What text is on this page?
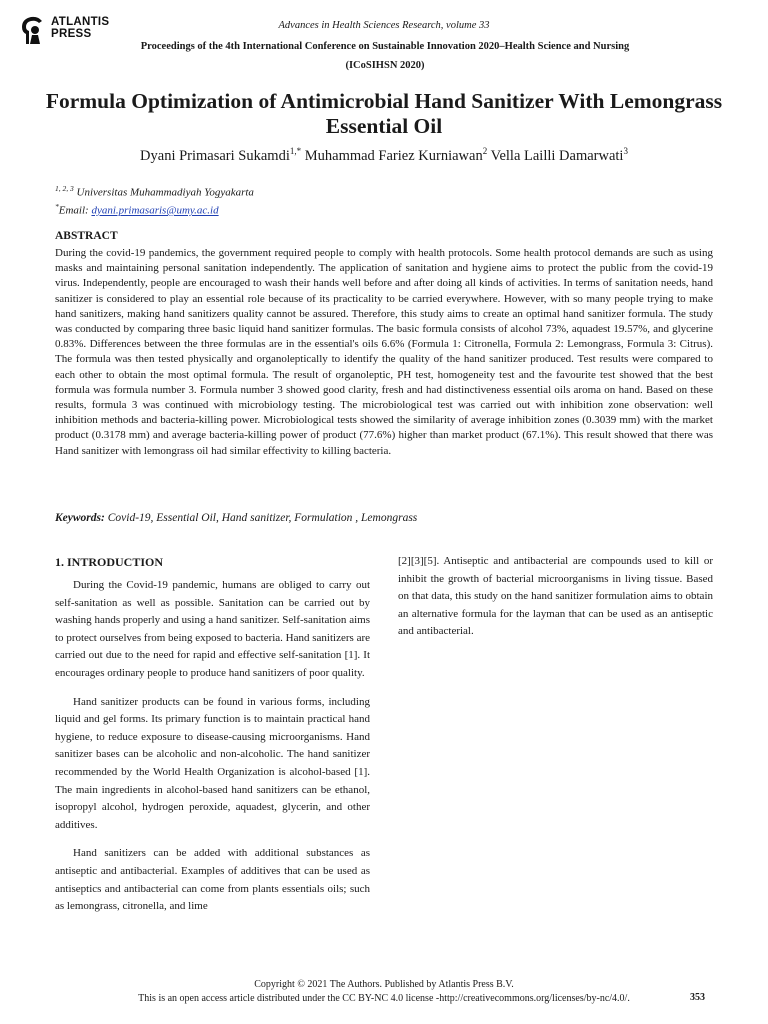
ATLANTIS
PRESS
Advances in Health Sciences Research, volume 33
Proceedings of the 4th International Conference on Sustainable Innovation 2020–Health Science and Nursing (ICoSIHSN 2020)
Formula Optimization of Antimicrobial Hand Sanitizer With Lemongrass Essential Oil
Dyani Primasari Sukamdi$^{1,*}$ Muhammad Fariez Kurniawan$^2$ Vella Lailli Damarwati$^3$
$^{1, 2, 3}$ Universitas Muhammadiyah Yogyakarta
*Email: dyani.primasaris@umy.ac.id
ABSTRACT

During the covid-19 pandemics, the government required people to comply with health protocols. Some health protocol demands are such as using masks and maintaining personal sanitation independently. The application of sanitation and hygiene aims to protect the public from the covid-19 virus. Independently, people are encouraged to wash their hands well before and after doing all kinds of activities. In terms of sanitation needs, hand sanitizer is considered to play an essential role because of its practicality to be carried everywhere. However, with so many people trying to make hand sanitizers, making hand sanitizers quality cannot be assured. Therefore, this study aims to create an optimal hand sanitizer formula. The study was conducted by comparing three basic liquid hand sanitizer formulas. The basic formula consists of alcohol 73%, aquadest 19.57%, and glycerine 0.83%. Differences between the three formulas are in the essential's oils 6.6% (Formula 1: Citronella, Formula 2: Lemongrass, Formula 3: Citrus). The formula was then tested physically and organoleptically to identify the quality of the hand sanitizer produced. Test results were compared to each other to obtain the most optimal formula. The result of organoleptic, PH test, homogeneity test and the favourite test showed that the best formula was formula number 3. Formula number 3 showed good clarity, fresh and had distinctiveness essential oils aroma on hand. Based on these results, formula 3 was continued with microbiology testing. The microbiological test was carried out with inhibition zone observation: well inhibition methods and bacteria-killing power. Microbiological tests showed the similarity of average inhibition zones (0.3039 mm) with the market product (0.3178 mm) and average bacteria-killing power of product (77.6%) higher than market product (67.1%). This result showed that there was Hand sanitizer with lemongrass oil had similar effectivity to killing bacteria.

Keywords: Covid-19, Essential Oil, Hand sanitizer, Formulation , Lemongrass
1. INTRODUCTION

During the Covid-19 pandemic, humans are obliged to carry out self-sanitation as well as possible. Sanitation can be carried out by washing hands properly and using a hand sanitizer. Self-sanitation aims to protect ourselves from being exposed to bacteria. Hand sanitizers are carried out due to the need for rapid and effective self-sanitation [1]. It encourages ordinary people to produce hand sanitizers of poor quality.

Hand sanitizer products can be found in various forms, including liquid and gel forms. Its primary function is to maintain practical hand hygiene, to reduce exposure to disease-causing microorganisms. Hand sanitizer bases can be alcoholic and non-alcoholic. The hand sanitizer recommended by the World Health Organization is alcohol-based [1]. The main ingredients in alcohol-based hand sanitizers can be ethanol, isopropyl alcohol, hydrogen peroxide, aquadest, glycerin, and other additives.

Hand sanitizers can be added with additional substances as antiseptic and antibacterial. Examples of additives that can be used as antiseptics and antibacterial can come from plants essentials oils; such as lemongrass, citronella, and lime

[2][3][5]. Antiseptic and antibacterial are compounds used to kill or inhibit the growth of bacterial microorganisms in living tissue. Based on that data, this study on the hand sanitizer formulation aims to obtain an alternative formula for the layman that can be used as an antiseptic and antibacterial.

Copyright © 2021 The Authors. Published by Atlantis Press B.V.
This is an open access article distributed under the CC BY-NC 4.0 license -http://creativecommons.org/licenses/by-nc/4.0/.	353
